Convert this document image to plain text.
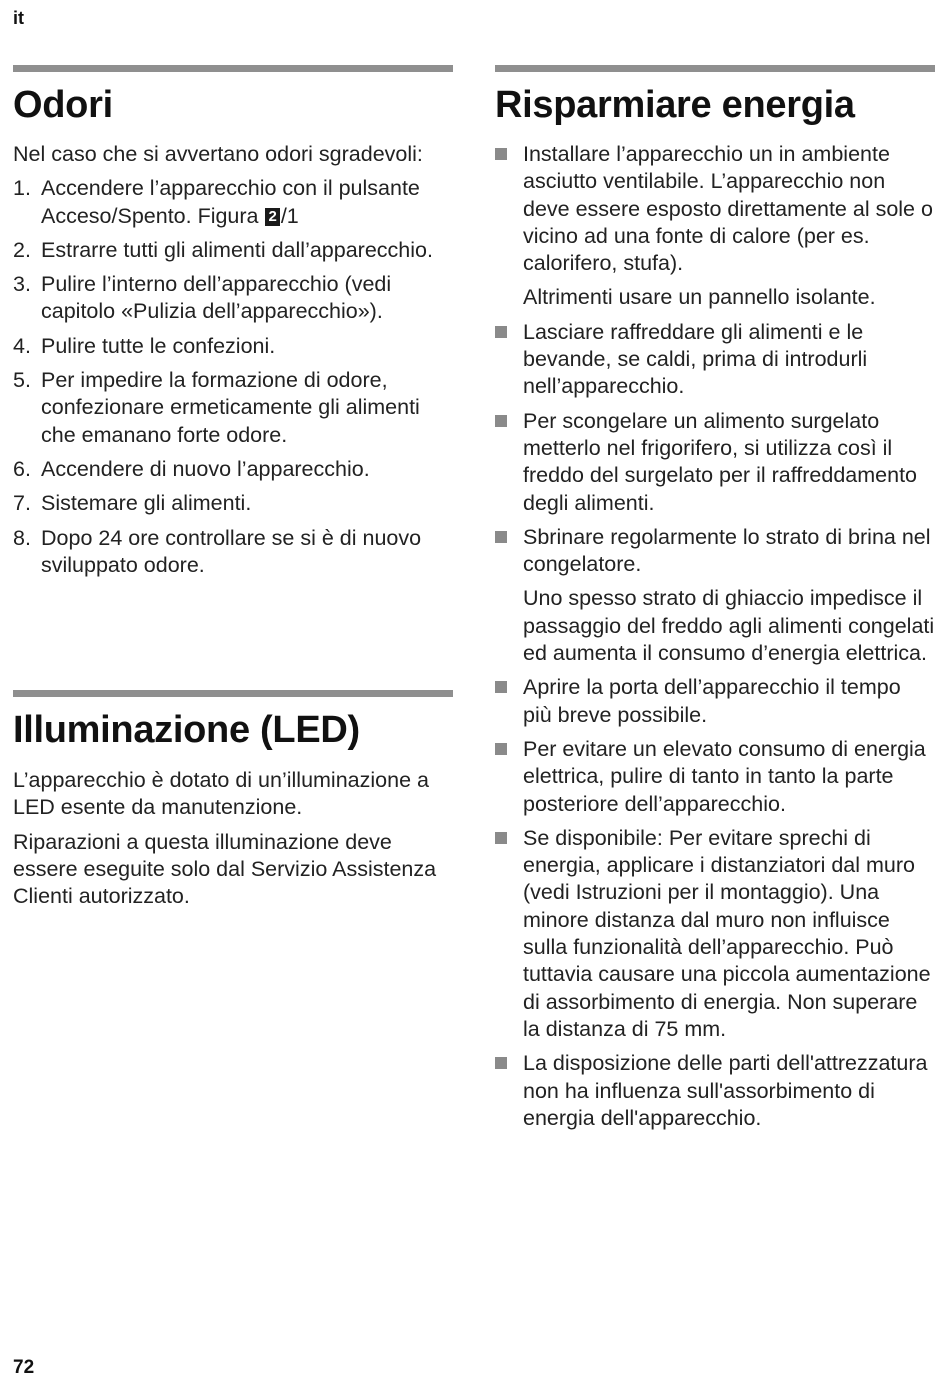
it
Odori

Nel caso che si avvertano odori sgradevoli:

1. Accendere l’apparecchio con il pulsante Acceso/Spento. Figura 2 /1
2. Estrarre tutti gli alimenti dall’apparecchio.
3. Pulire l’interno dell’apparecchio (vedi capitolo «Pulizia dell’apparecchio»).
4. Pulire tutte le confezioni.
5. Per impedire la formazione di odore, confezionare ermeticamente gli alimenti che emanano forte odore.
6. Accendere di nuovo l’apparecchio.
7. Sistemare gli alimenti.
8. Dopo 24 ore controllare se si è di nuovo sviluppato odore.
Illuminazione (LED)

L’apparecchio è dotato di un’illuminazione a LED esente da manutenzione.

Riparazioni a questa illuminazione deve essere eseguite solo dal Servizio Assistenza Clienti autorizzato.

Risparmiare energia
Installare l’apparecchio un in ambiente asciutto ventilabile. L’apparecchio non deve essere esposto direttamente al sole o vicino ad una fonte di calore (per es. calorifero, stufa).
Altrimenti usare un pannello isolante.
Lasciare raffreddare gli alimenti e le bevande, se caldi, prima di introdurli nell’apparecchio.
Per scongelare un alimento surgelato metterlo nel frigorifero, si utilizza così il freddo del surgelato per il raffreddamento degli alimenti.
Sbrinare regolarmente lo strato di brina nel congelatore.
Uno spesso strato di ghiaccio impedisce il passaggio del freddo agli alimenti congelati ed aumenta il consumo d’energia elettrica.
Aprire la porta dell’apparecchio il tempo più breve possibile.
Per evitare un elevato consumo di energia elettrica, pulire di tanto in tanto la parte posteriore dell’apparecchio.
Se disponibile: Per evitare sprechi di energia, applicare i distanziatori dal muro (vedi Istruzioni per il montaggio). Una minore distanza dal muro non influisce sulla funzionalità dell’apparecchio. Può tuttavia causare una piccola aumentazione di assorbimento di energia. Non superare la distanza di 75 mm.
La disposizione delle parti dell'attrezzatura non ha influenza sull'assorbimento di energia dell'apparecchio.
72
